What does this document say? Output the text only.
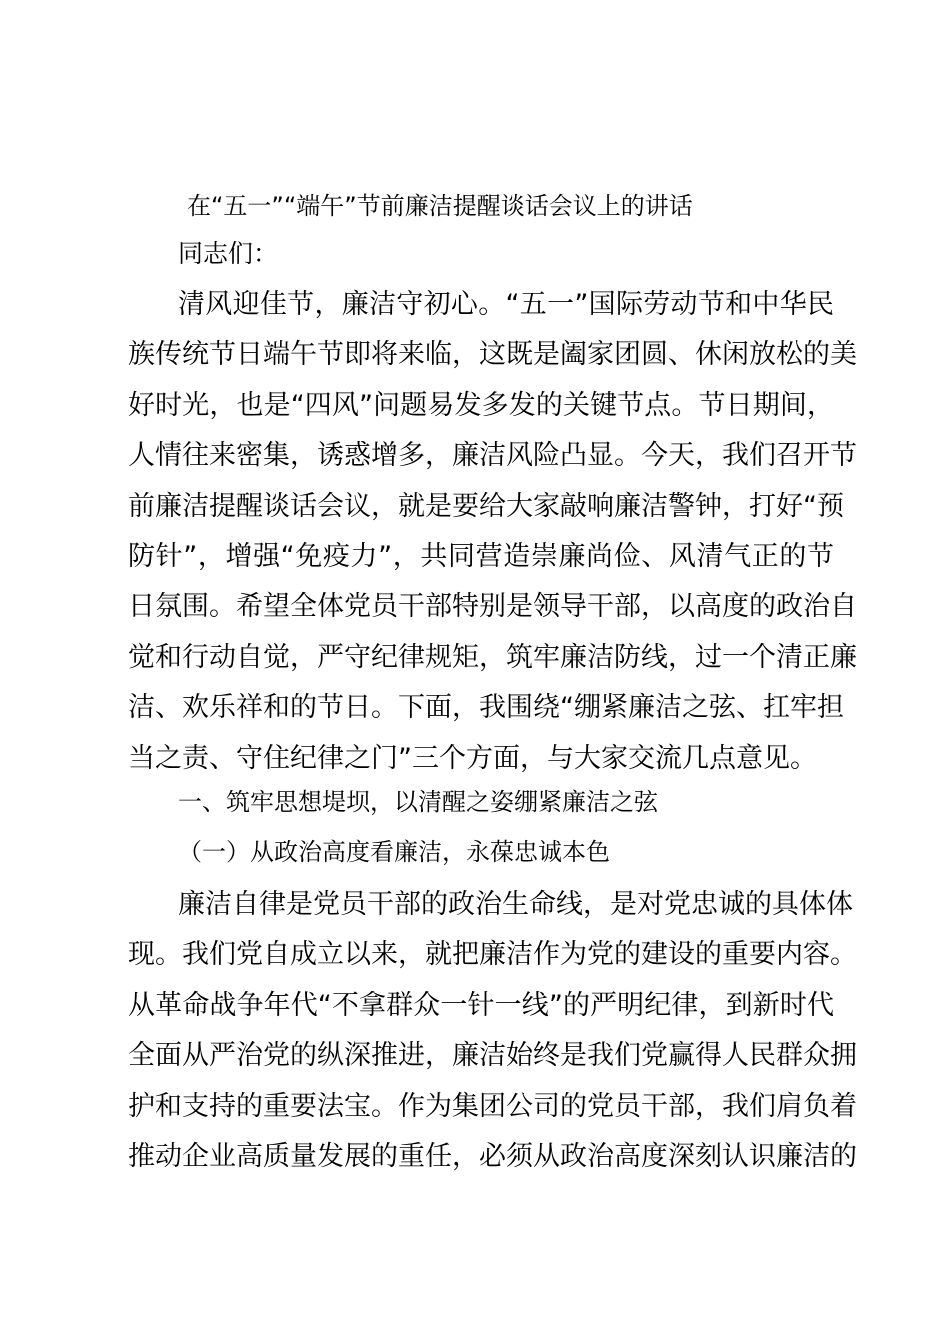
在“五一”“端午”节前廉洁提醒谈话会议上的讲话
同志们：
清风迎佳节，廉洁守初心。“五一”国际劳动节和中华民
族传统节日端午节即将来临，这既是阖家团圆、休闲放松的美
好时光，也是“四风”问题易发多发的关键节点。节日期间，
人情往来密集，诱惑增多，廉洁风险凸显。今天，我们召开节
前廉洁提醒谈话会议，就是要给大家敲响廉洁警钟，打好“预
防针”，增强“免疫力”，共同营造崇廉尚俭、风清气正的节
日氛围。希望全体党员干部特别是领导干部，以高度的政治自
觉和行动自觉，严守纪律规矩，筑牢廉洁防线，过一个清正廉
洁、欢乐祥和的节日。下面，我围绕“绷紧廉洁之弦、扛牢担
当之责、守住纪律之门”三个方面，与大家交流几点意见。
一、筑牢思想堤坝，以清醒之姿绷紧廉洁之弦
（一）从政治高度看廉洁，永葆忠诚本色
廉洁自律是党员干部的政治生命线，是对党忠诚的具体体
现。我们党自成立以来，就把廉洁作为党的建设的重要内容。
从革命战争年代“不拿群众一针一线”的严明纪律，到新时代
全面从严治党的纵深推进，廉洁始终是我们党赢得人民群众拥
护和支持的重要法宝。作为集团公司的党员干部，我们肩负着
推动企业高质量发展的重任，必须从政治高度深刻认识廉洁的
